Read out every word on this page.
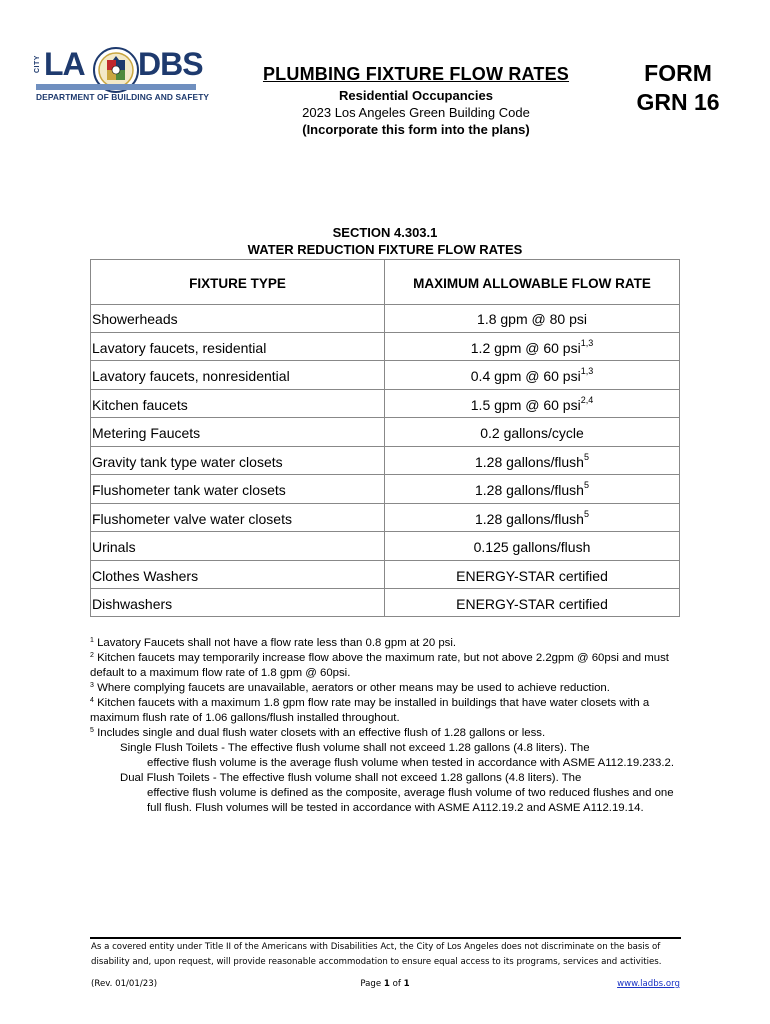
CITY LA DBS
DEPARTMENT OF BUILDING AND SAFETY
PLUMBING FIXTURE FLOW RATES
Residential Occupancies
2023 Los Angeles Green Building Code
(Incorporate this form into the plans)
FORM
GRN 16
SECTION 4.303.1
WATER REDUCTION FIXTURE FLOW RATES
FIXTURE TYPE	MAXIMUM ALLOWABLE FLOW RATE
Showerheads	1.8 gpm @ 80 psi
Lavatory faucets, residential	1.2 gpm @ 60 psi$^{1,3}$
Lavatory faucets, nonresidential	0.4 gpm @ 60 psi$^{1,3}$
Kitchen faucets	1.5 gpm @ 60 psi$^{2,4}$
Metering Faucets	0.2 gallons/cycle
Gravity tank type water closets	1.28 gallons/flush$^5$
Flushometer tank water closets	1.28 gallons/flush$^5$
Flushometer valve water closets	1.28 gallons/flush$^5$
Urinals	0.125 gallons/flush
Clothes Washers	ENERGY-STAR certified
Dishwashers	ENERGY-STAR certified

$^1$ Lavatory Faucets shall not have a flow rate less than 0.8 gpm at 20 psi.

$^2$ Kitchen faucets may temporarily increase flow above the maximum rate, but not above 2.2gpm @ 60psi and must default to a maximum flow rate of 1.8 gpm @ 60psi.

$^3$ Where complying faucets are unavailable, aerators or other means may be used to achieve reduction.

$^4$ Kitchen faucets with a maximum 1.8 gpm flow rate may be installed in buildings that have water closets with a maximum flush rate of 1.06 gallons/flush installed throughout.

$^5$ Includes single and dual flush water closets with an effective flush of 1.28 gallons or less.

Single Flush Toilets - The effective flush volume shall not exceed 1.28 gallons (4.8 liters). The

effective flush volume is the average flush volume when tested in accordance with ASME A112.19.233.2.

Dual Flush Toilets - The effective flush volume shall not exceed 1.28 gallons (4.8 liters). The

effective flush volume is defined as the composite, average flush volume of two reduced flushes and one full flush. Flush volumes will be tested in accordance with ASME A112.19.2 and ASME A112.19.14.

As a covered entity under Title II of the Americans with Disabilities Act, the City of Los Angeles does not discriminate on the basis of disability and, upon request, will provide reasonable accommodation to ensure equal access to its programs, services and activities.
(Rev. 01/01/23)	Page 1 of 1	www.ladbs.org
